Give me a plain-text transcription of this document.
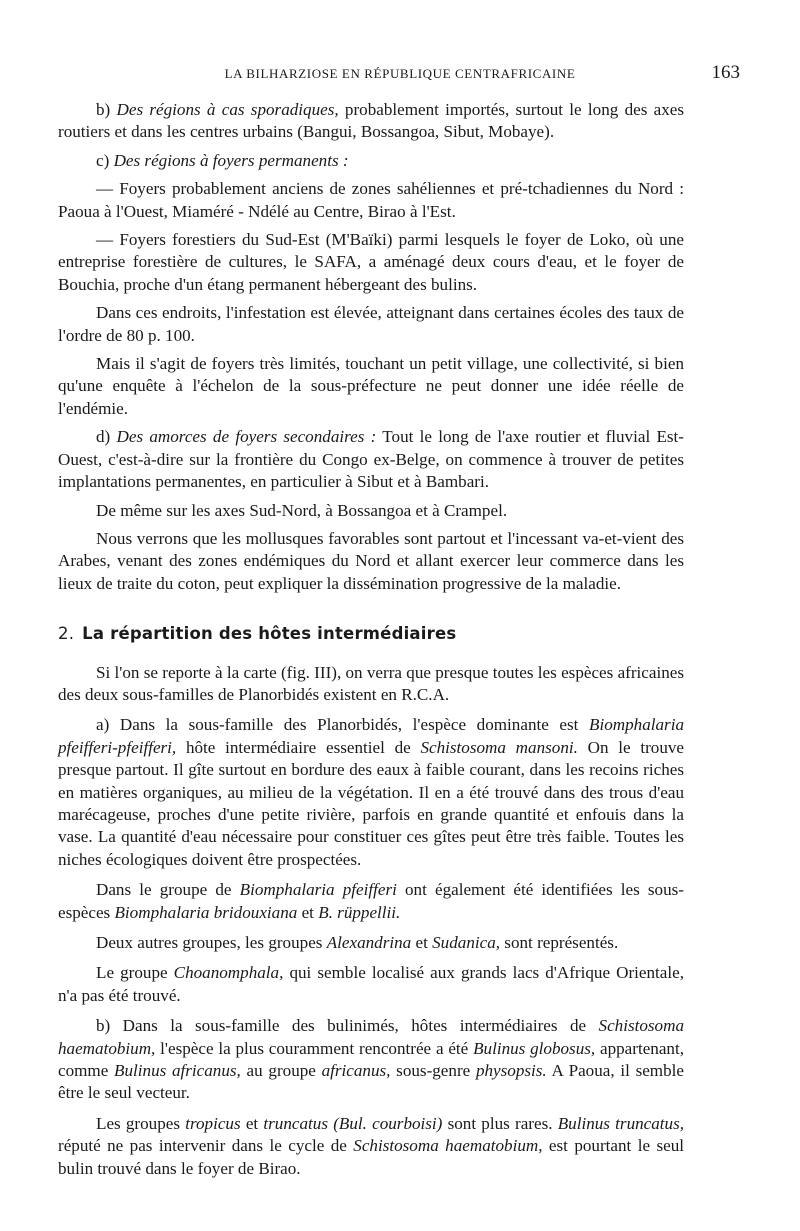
LA BILHARZIOSE EN RÉPUBLIQUE CENTRAFRICAINE	163

b) Des régions à cas sporadiques, probablement importés, surtout le long des axes routiers et dans les centres urbains (Bangui, Bossangoa, Sibut, Mobaye).

c) Des régions à foyers permanents :

— Foyers probablement anciens de zones sahéliennes et pré-tchadiennes du Nord : Paoua à l'Ouest, Miaméré - Ndélé au Centre, Birao à l'Est.

— Foyers forestiers du Sud-Est (M'Baïki) parmi lesquels le foyer de Loko, où une entreprise forestière de cultures, le SAFA, a aménagé deux cours d'eau, et le foyer de Bouchia, proche d'un étang permanent hébergeant des bulins.

Dans ces endroits, l'infestation est élevée, atteignant dans certaines écoles des taux de l'ordre de 80 p. 100.

Mais il s'agit de foyers très limités, touchant un petit village, une collectivité, si bien qu'une enquête à l'échelon de la sous-préfecture ne peut donner une idée réelle de l'endémie.

d) Des amorces de foyers secondaires : Tout le long de l'axe routier et fluvial Est-Ouest, c'est-à-dire sur la frontière du Congo ex-Belge, on commence à trouver de petites implantations permanentes, en particulier à Sibut et à Bambari.

De même sur les axes Sud-Nord, à Bossangoa et à Crampel.

Nous verrons que les mollusques favorables sont partout et l'incessant va-et-vient des Arabes, venant des zones endémiques du Nord et allant exercer leur commerce dans les lieux de traite du coton, peut expliquer la dissémination progressive de la maladie.

2. La répartition des hôtes intermédiaires

Si l'on se reporte à la carte (fig. III), on verra que presque toutes les espèces africaines des deux sous-familles de Planorbidés existent en R.C.A.

a) Dans la sous-famille des Planorbidés, l'espèce dominante est Biomphalaria pfeifferi-pfeifferi, hôte intermédiaire essentiel de Schistosoma mansoni. On le trouve presque partout. Il gîte surtout en bordure des eaux à faible courant, dans les recoins riches en matières organiques, au milieu de la végétation. Il en a été trouvé dans des trous d'eau marécageuse, proches d'une petite rivière, parfois en grande quantité et enfouis dans la vase. La quantité d'eau nécessaire pour constituer ces gîtes peut être très faible. Toutes les niches écologiques doivent être prospectées.

Dans le groupe de Biomphalaria pfeifferi ont également été identifiées les sous-espèces Biomphalaria bridouxiana et B. rüppellii.

Deux autres groupes, les groupes Alexandrina et Sudanica, sont représentés.

Le groupe Choanomphala, qui semble localisé aux grands lacs d'Afrique Orientale, n'a pas été trouvé.

b) Dans la sous-famille des bulinimés, hôtes intermédiaires de Schistosoma haematobium, l'espèce la plus couramment rencontrée a été Bulinus globosus, appartenant, comme Bulinus africanus, au groupe africanus, sous-genre physopsis. A Paoua, il semble être le seul vecteur.

Les groupes tropicus et truncatus (Bul. courboisi) sont plus rares. Bulinus truncatus, réputé ne pas intervenir dans le cycle de Schistosoma haematobium, est pourtant le seul bulin trouvé dans le foyer de Birao.
